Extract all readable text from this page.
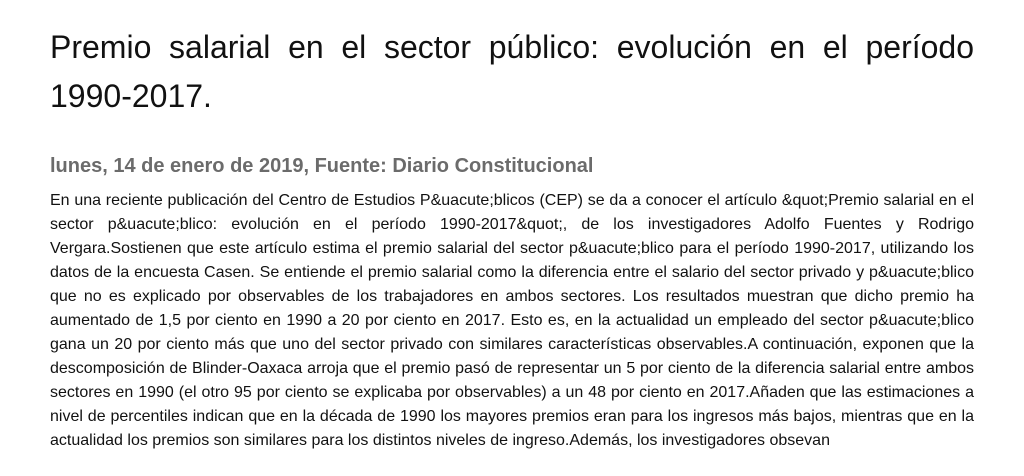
Premio salarial en el sector público: evolución en el período 1990-2017.
lunes, 14 de enero de 2019, Fuente: Diario Constitucional

En una reciente publicación del Centro de Estudios P&uacute;blicos (CEP) se da a conocer el artículo &quot;Premio salarial en el sector p&uacute;blico: evolución en el período 1990-2017&quot;, de los investigadores Adolfo Fuentes y Rodrigo Vergara.Sostienen que este artículo estima el premio salarial del sector p&uacute;blico para el período 1990-2017, utilizando los datos de la encuesta Casen. Se entiende el premio salarial como la diferencia entre el salario del sector privado y p&uacute;blico que no es explicado por observables de los trabajadores en ambos sectores. Los resultados muestran que dicho premio ha aumentado de 1,5 por ciento en 1990 a 20 por ciento en 2017. Esto es, en la actualidad un empleado del sector p&uacute;blico gana un 20 por ciento más que uno del sector privado con similares características observables.A continuación, exponen que la descomposición de Blinder-Oaxaca arroja que el premio pasó de representar un 5 por ciento de la diferencia salarial entre ambos sectores en 1990 (el otro 95 por ciento se explicaba por observables) a un 48 por ciento en 2017.Añaden que las estimaciones a nivel de percentiles indican que en la década de 1990 los mayores premios eran para los ingresos más bajos, mientras que en la actualidad los premios son similares para los distintos niveles de ingreso.Además, los investigadores obsevan
